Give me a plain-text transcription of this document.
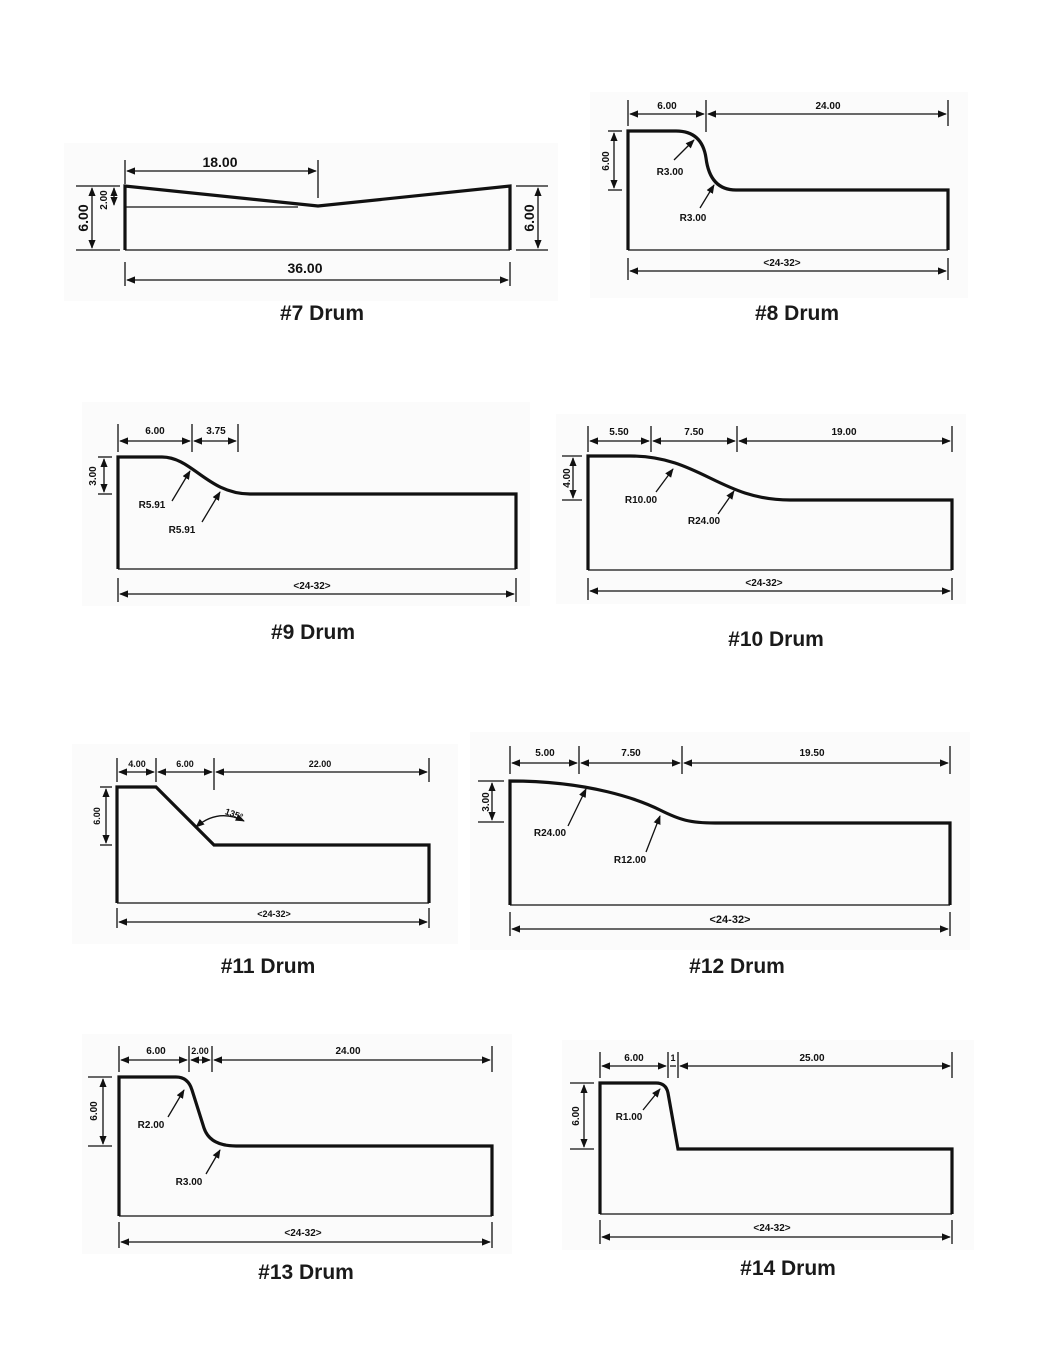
18.00
36.00
6.00
2.00
6.00
6.00	24.00
6.00
R3.00
R3.00
<24-32>
6.00	3.75
3.00
R5.91
R5.91
<24-32>
5.50	7.50	19.00
4.00
R10.00
R24.00
<24-32>
4.00	6.00	22.00
6.00	135°
<24-32>
5.00	7.50	19.50
3.00
R24.00
R12.00
<24-32>
6.00	2.00	24.00
6.00
R2.00
R3.00
<24-32>
6.00	1	25.00
6.00	R1.00
<24-32>
#7 Drum	#8 Drum
#9 Drum	#10 Drum
#11 Drum	#12 Drum
#13 Drum	#14 Drum
